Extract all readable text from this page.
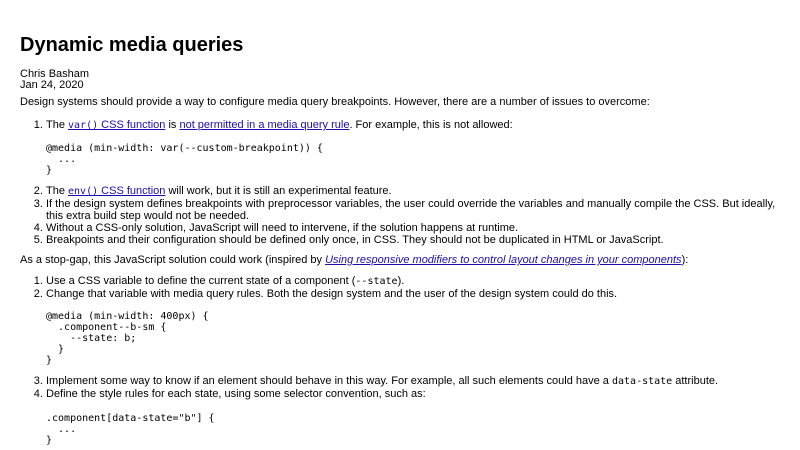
Dynamic media queries
Chris Basham
Jan 24, 2020

Design systems should provide a way to configure media query breakpoints. However, there are a number of issues to overcome:

1. The var() CSS function is not permitted in a media query rule. For example, this is not allowed:
@media (min-width: var(--custom-breakpoint)) {
...
}
2. The env() CSS function will work, but it is still an experimental feature.
3. If the design system defines breakpoints with preprocessor variables, the user could override the variables and manually compile the CSS. But ideally, this extra build step would not be needed.
4. Without a CSS-only solution, JavaScript will need to intervene, if the solution happens at runtime.
5. Breakpoints and their configuration should be defined only once, in CSS. They should not be duplicated in HTML or JavaScript.

As a stop-gap, this JavaScript solution could work (inspired by Using responsive modifiers to control layout changes in your components):

1. Use a CSS variable to define the current state of a component (--state).
2. Change that variable with media query rules. Both the design system and the user of the design system could do this.
@media (min-width: 400px) {
.component--b-sm {
--state: b;
}
}
3. Implement some way to know if an element should behave in this way. For example, all such elements could have a data-state attribute.
4. Define the style rules for each state, using some selector convention, such as:
.component[data-state="b"] {
...
}
